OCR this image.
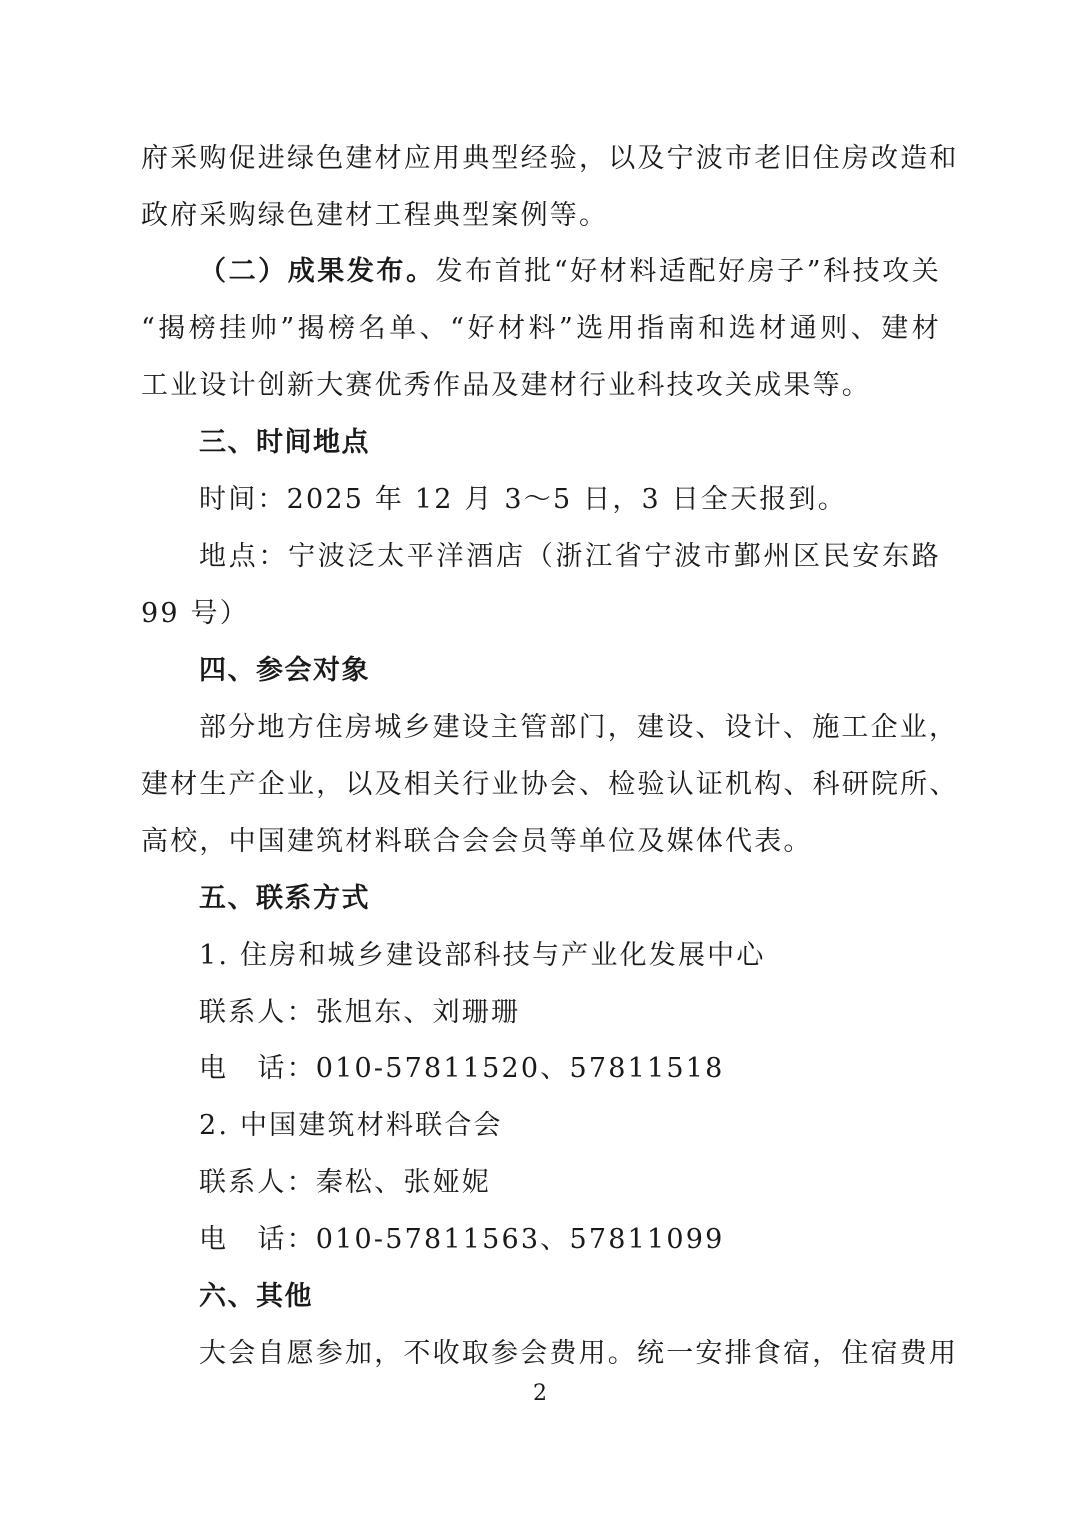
府采购促进绿色建材应用典型经验，以及宁波市老旧住房改造和
政府采购绿色建材工程典型案例等。
（二）成果发布。发布首批“好材料适配好房子”科技攻关
“揭榜挂帅”揭榜名单、“好材料”选用指南和选材通则、建材
工业设计创新大赛优秀作品及建材行业科技攻关成果等。
三、时间地点
时间：2025 年 12 月 3～5 日，3 日全天报到。
地点：宁波泛太平洋酒店（浙江省宁波市鄞州区民安东路
99 号）
四、参会对象
部分地方住房城乡建设主管部门，建设、设计、施工企业，
建材生产企业，以及相关行业协会、检验认证机构、科研院所、
高校，中国建筑材料联合会会员等单位及媒体代表。
五、联系方式
1. 住房和城乡建设部科技与产业化发展中心
联系人：张旭东、刘珊珊
电　话：010-57811520、57811518
2. 中国建筑材料联合会
联系人：秦松、张娅妮
电　话：010-57811563、57811099
六、其他
大会自愿参加，不收取参会费用。统一安排食宿，住宿费用
2
